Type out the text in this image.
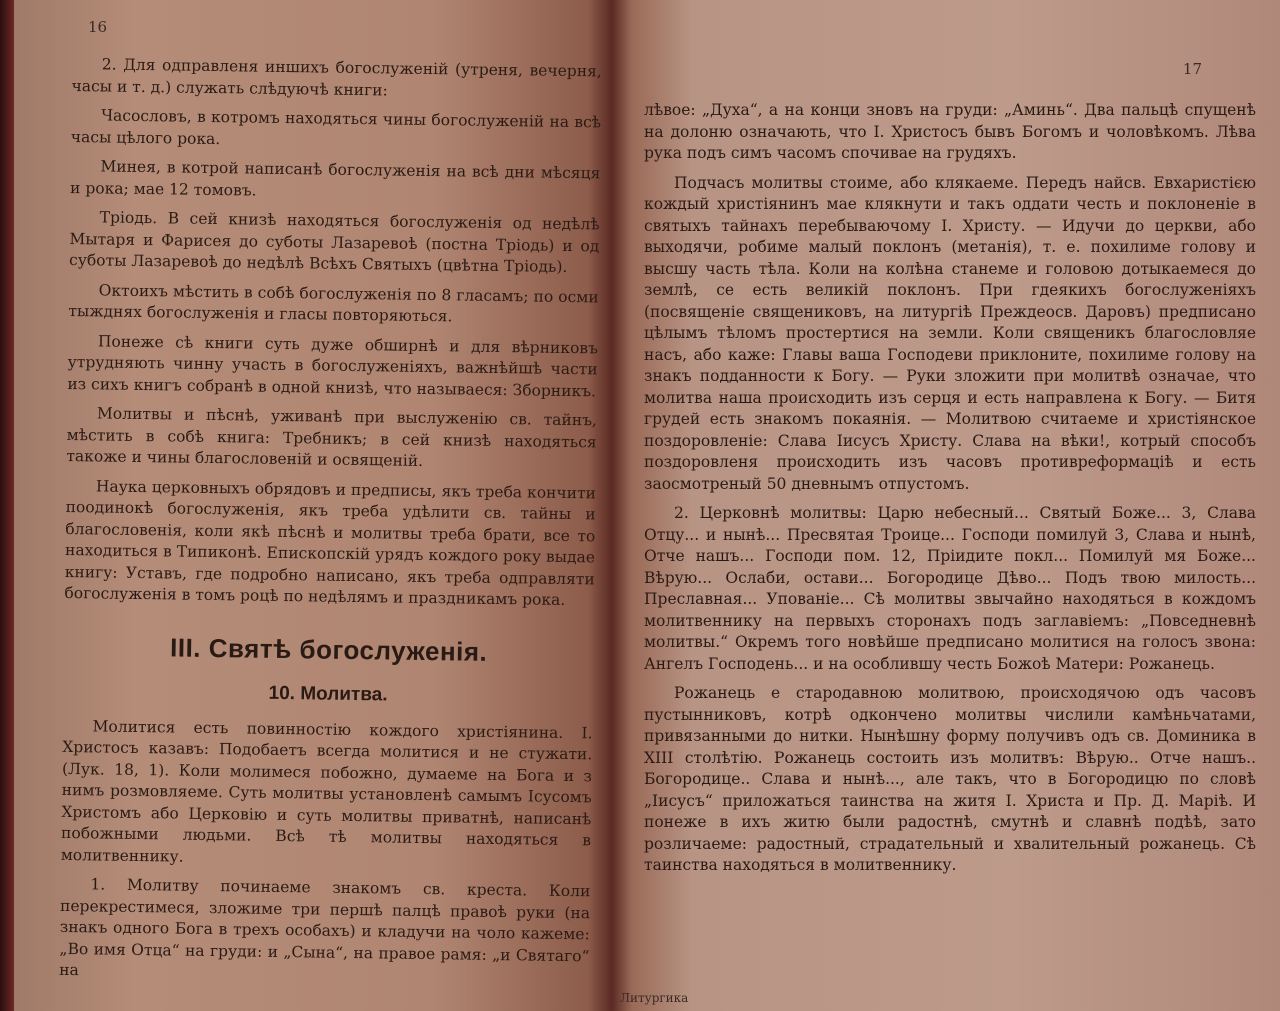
16

2. Для одправленя иншихъ богослуженій (утреня, вечерня, часы и т. д.) служать слѣдуючѣ книги:

Часословъ, в котромъ находяться чины богослуженій на всѣ часы цѣлого рока.

Минея, в котрой написанѣ богослуженія на всѣ дни мѣсяця и рока; мае 12 томовъ.

Тріодь. В сей книзѣ находяться богослуженія од недѣлѣ Мытаря и Фарисея до суботы Лазаревоѣ (постна Тріодь) и од суботы Лазаревоѣ до недѣлѣ Всѣхъ Святыхъ (цвѣтна Тріодь).

Октоихъ мѣстить в собѣ богослуженія по 8 гласамъ; по осми тыжднях богослуженія и гласы повторяються.

Понеже сѣ книги суть дуже обширнѣ и для вѣрниковъ утрудняють чинну участь в богослуженіяхъ, важнѣйшѣ части из сихъ книгъ собранѣ в одной книзѣ, что называеся: Зборникъ.

Молитвы и пѣснѣ, уживанѣ при выслуженію св. тайнъ, мѣстить в собѣ книга: Требникъ; в сей книзѣ находяться такоже и чины благословеній и освященій.

Наука церковныхъ обрядовъ и предписы, якъ треба кончити поодинокѣ богослуженія, якъ треба удѣлити св. тайны и благословенія, коли якѣ пѣснѣ и молитвы треба брати, все то находиться в Типиконѣ. Епископскій урядъ кождого року выдае книгу: Уставъ, где подробно написано, якъ треба одправляти богослуженія в томъ роцѣ по недѣлямъ и праздникамъ рока.

III. Святѣ богослуженія.
10. Молитва.

Молитися есть повинностію кождого христіянина. І. Христосъ казавъ: Подобаетъ всегда молитися и не стужати. (Лук. 18, 1). Коли молимеся побожно, думаеме на Бога и з нимъ розмовляеме. Суть молитвы установленѣ самымъ Ісусомъ Христомъ або Церковію и суть молитвы приватнѣ, написанѣ побожными людьми. Всѣ тѣ молитвы находяться в молитвеннику.

1. Молитву починаеме знакомъ св. креста. Коли перекрестимеся, зложиме три першѣ палцѣ правоѣ руки (на знакъ одного Бога в трехъ особахъ) и кладучи на чоло кажеме: „Во имя Отца“ на груди: и „Сына“, на правое рамя: „и Святаго“ на

17

лѣвое: „Духа“, а на конци зновъ на груди: „Аминь“. Два пальцѣ спущенѣ на долоню означають, что І. Христосъ бывъ Богомъ и чоловѣкомъ. Лѣва рука подъ симъ часомъ спочивае на грудяхъ.

Подчасъ молитвы стоиме, або клякаеме. Передъ найсв. Евхаристією кождый христіянинъ мае клякнути и такъ оддати честь и поклоненіе в святыхъ тайнахъ перебываючому І. Христу. — Идучи до церкви, або выходячи, робиме малый поклонъ (метанія), т. е. похилиме голову и высшу часть тѣла. Коли на колѣна станеме и головою дотыкаемеся до землѣ, се есть великій поклонъ. При гдеякихъ богослуженіяхъ (посвященіе священиковъ, на литургіѣ Преждеосв. Даровъ) предписано цѣлымъ тѣломъ простертися на земли. Коли священикъ благословляе насъ, або каже: Главы ваша Господеви приклоните, похилиме голову на знакъ подданности к Богу. — Руки зложити при молитвѣ означае, что молитва наша происходить изъ серця и есть направлена к Богу. — Битя грудей есть знакомъ покаянія. — Молитвою считаеме и христіянское поздоровленіе: Слава Іисусъ Христу. Слава на вѣки!, котрый способъ поздоровленя происходить изъ часовъ противреформаціѣ и есть заосмотреный 50 дневнымъ отпустомъ.

2. Церковнѣ молитвы: Царю небесный... Святый Боже... 3, Слава Отцу... и нынѣ... Пресвятая Троице... Господи помилуй 3, Слава и нынѣ, Отче нашъ... Господи пом. 12, Пріидите покл... Помилуй мя Боже... Вѣрую... Ослаби, остави... Богородице Дѣво... Подъ твою милость... Преславная... Упованіе... Сѣ молитвы звычайно находяться в кождомъ молитвеннику на первыхъ сторонахъ подъ заглавіемъ: „Повседневнѣ молитвы.“ Окремъ того новѣйше предписано молитися на голосъ звона: Ангелъ Господень... и на особлившу честь Божоѣ Матери: Рожанець.

Рожанець е стародавною молитвою, происходячою одъ часовъ пустынниковъ, котрѣ одкончено молитвы числили камѣньчатами, привязанными до нитки. Нынѣшну форму получивъ одъ св. Доминика в XIII столѣтію. Рожанець состоить изъ молитвъ: Вѣрую.. Отче нашъ.. Богородице.. Слава и нынѣ..., але такъ, что в Богородицю по словѣ „Іисусъ“ приложаться таинства на житя І. Христа и Пр. Д. Маріѣ. И понеже в ихъ житю были радостнѣ, смутнѣ и славнѣ подѣѣ, зато розличаеме: радостный, страдательный и хвалительный рожанець. Сѣ таинства находяться в молитвеннику.

Литургика
